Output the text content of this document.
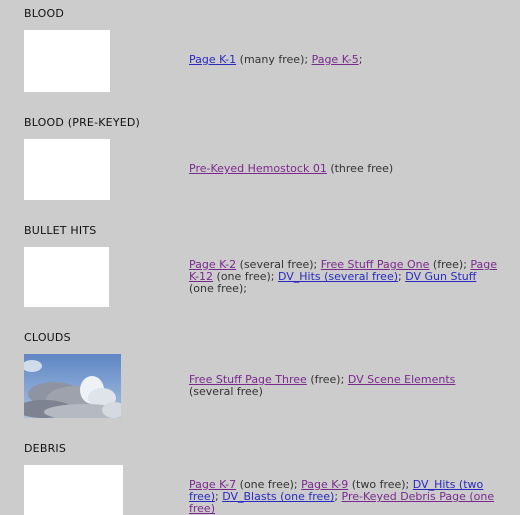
BLOOD
Page K-1 (many free); Page K-5;
BLOOD (PRE-KEYED)
Pre-Keyed Hemostock 01 (three free)
BULLET HITS
Page K-2 (several free); Free Stuff Page One (free); Page K-12 (one free); DV_Hits (several free); DV Gun Stuff (one free);
CLOUDS
Free Stuff Page Three (free); DV Scene Elements (several free)
DEBRIS
Page K-7 (one free); Page K-9 (two free); DV_Hits (two free); DV_Blasts (one free); Pre-Keyed Debris Page (one free)
